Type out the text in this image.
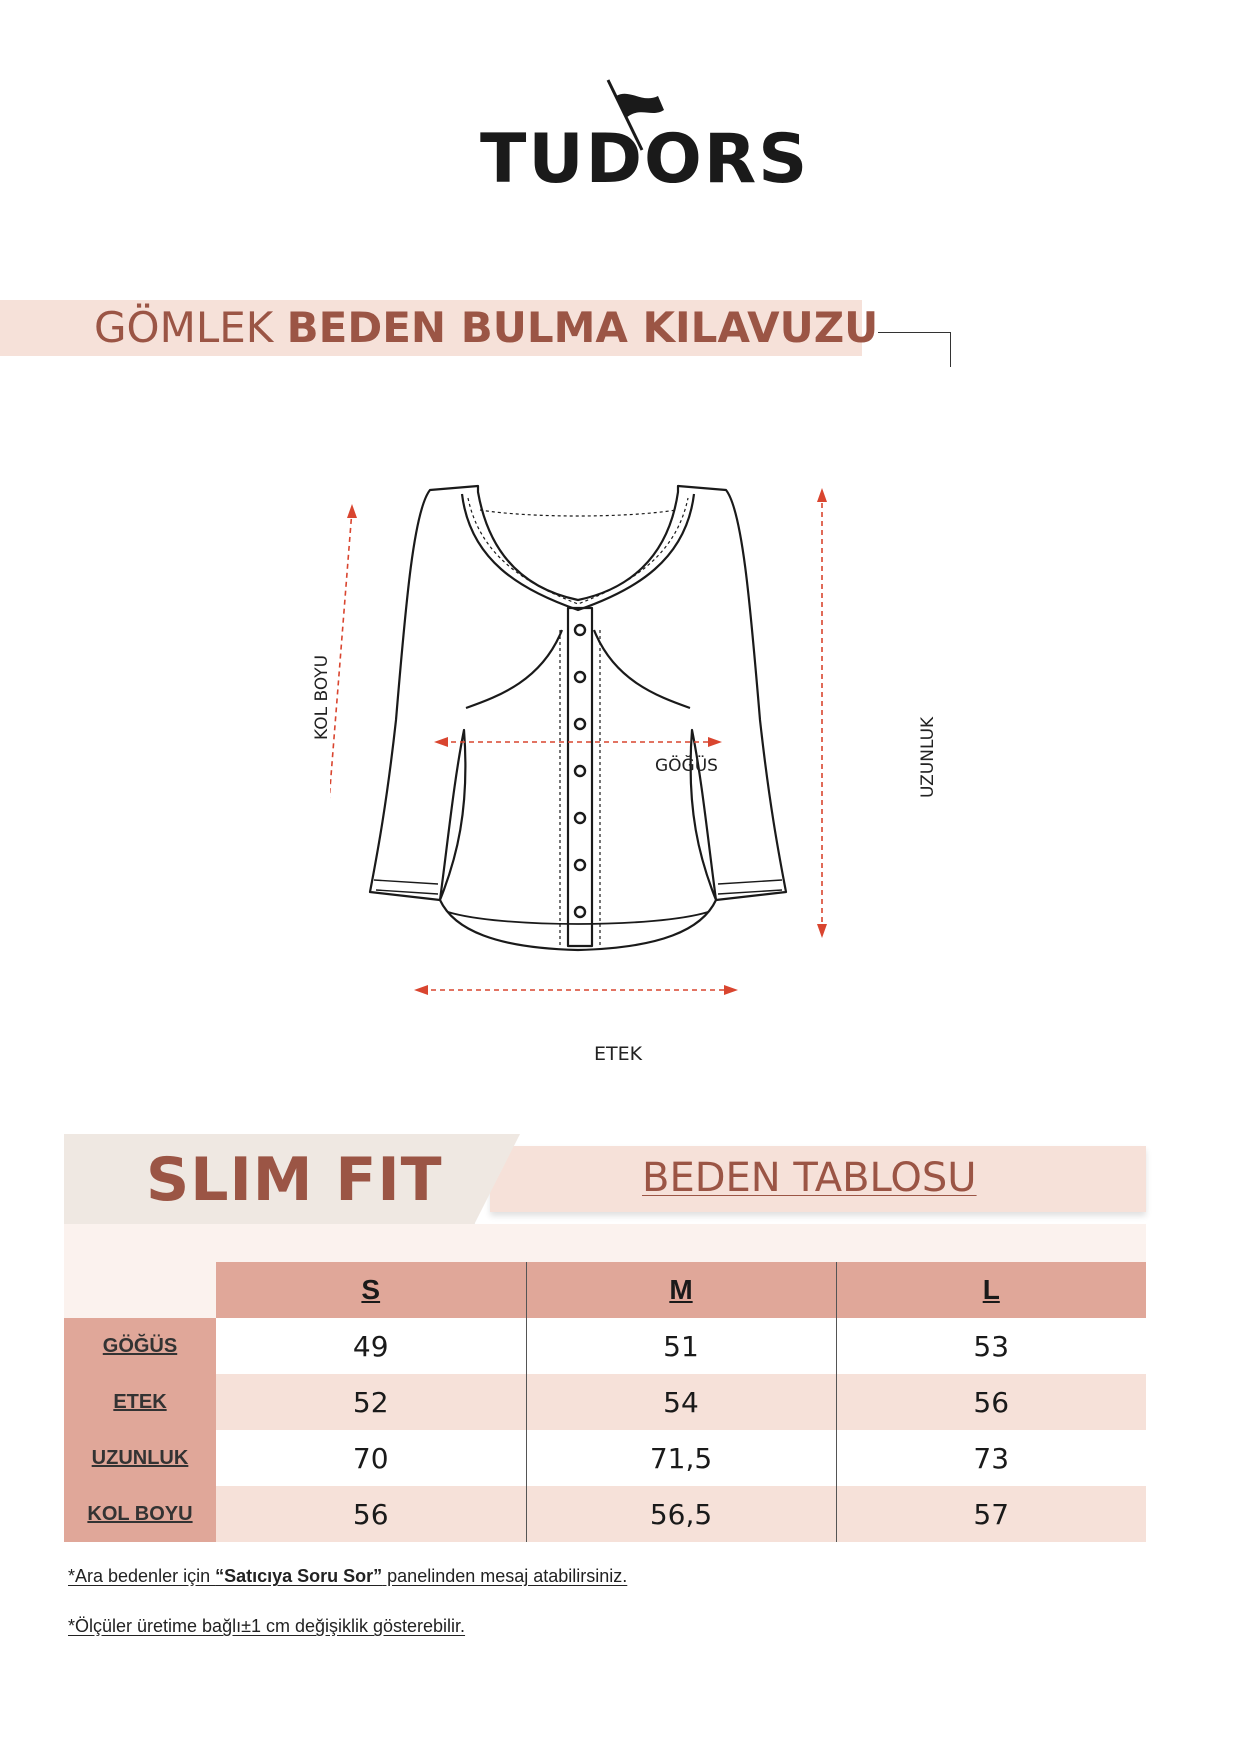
TUDORS
GÖMLEK BEDEN BULMA KILAVUZU
KOL BOYU
UZUNLUK
GÖĞÜS
ETEK
SLIM FIT	BEDEN TABLOSU
	S	M	L
GÖĞÜS	49	51	53
ETEK	52	54	56
UZUNLUK	70	71,5	73
KOL BOYU	56	56,5	57
*Ara bedenler için “Satıcıya Soru Sor” panelinden mesaj atabilirsiniz.
*Ölçüler üretime bağlı±1 cm değişiklik gösterebilir.
